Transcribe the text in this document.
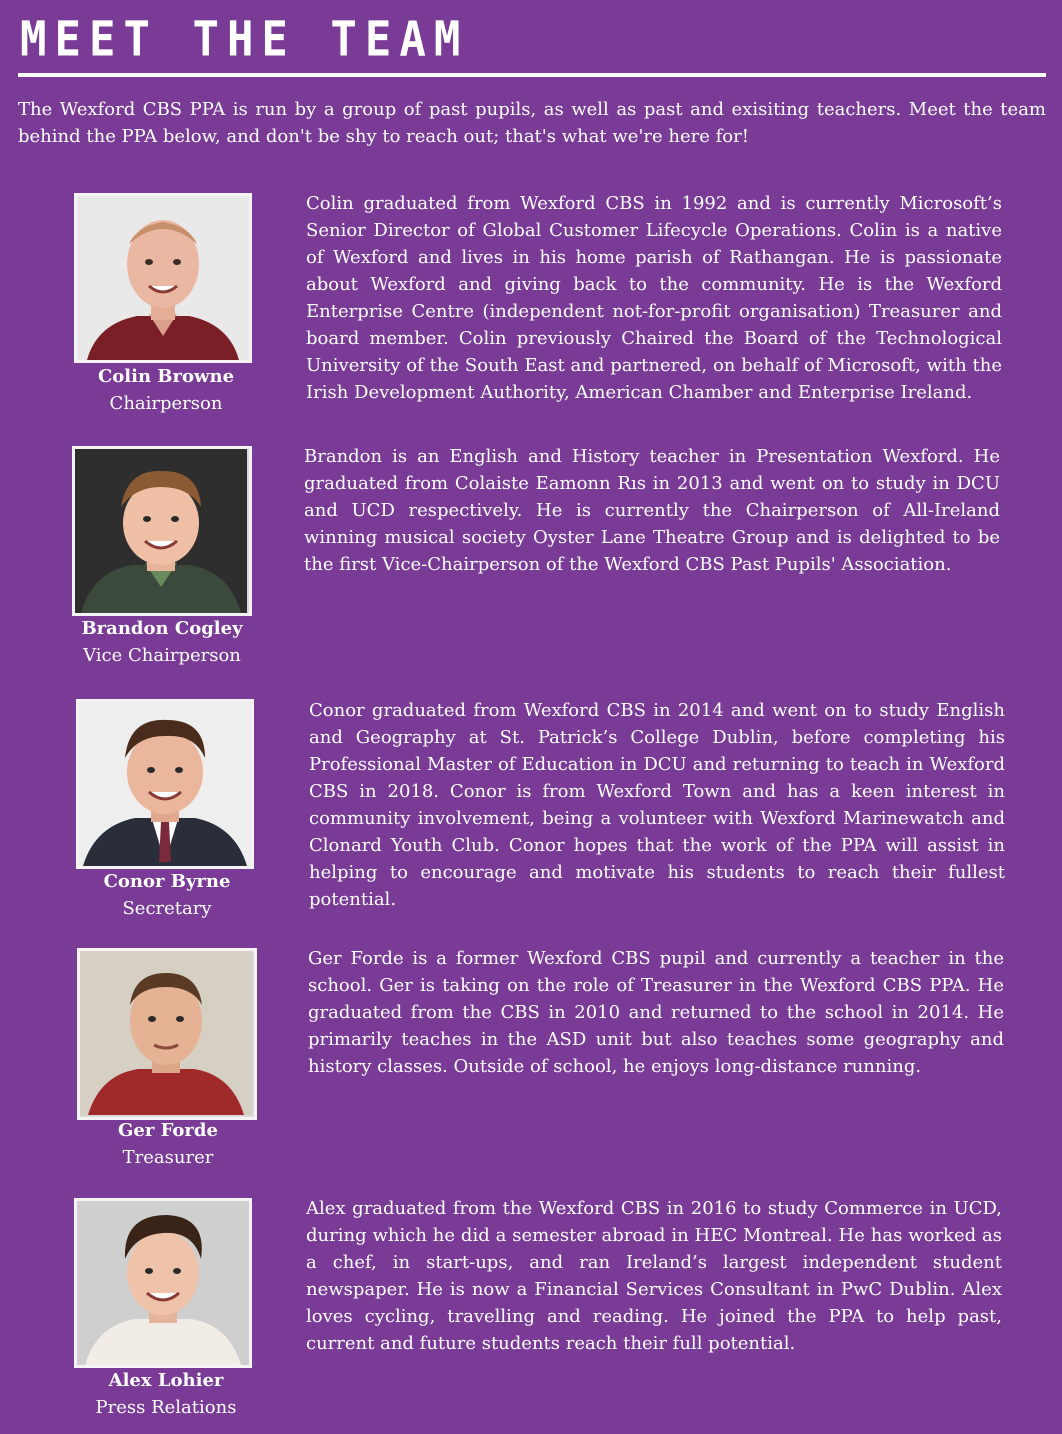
MEET THE TEAM

The Wexford CBS PPA is run by a group of past pupils, as well as past and exisiting teachers. Meet the team behind the PPA below, and don't be shy to reach out; that's what we're here for!

Colin Browne
Chairperson

Colin graduated from Wexford CBS in 1992 and is currently Microsoft’s Senior Director of Global Customer Lifecycle Operations. Colin is a native of Wexford and lives in his home parish of Rathangan. He is passionate about Wexford and giving back to the community. He is the Wexford Enterprise Centre (independent not-for-profit organisation) Treasurer and board member. Colin previously Chaired the Board of the Technological University of the South East and partnered, on behalf of Microsoft, with the Irish Development Authority, American Chamber and Enterprise Ireland.

Brandon Cogley
Vice Chairperson

Brandon is an English and History teacher in Presentation Wexford. He graduated from Colaiste Eamonn Rıs in 2013 and went on to study in DCU and UCD respectively. He is currently the Chairperson of All-Ireland winning musical society Oyster Lane Theatre Group and is delighted to be the first Vice-Chairperson of the Wexford CBS Past Pupils' Association.

Conor Byrne
Secretary

Conor graduated from Wexford CBS in 2014 and went on to study English and Geography at St. Patrick’s College Dublin, before completing his Professional Master of Education in DCU and returning to teach in Wexford CBS in 2018. Conor is from Wexford Town and has a keen interest in community involvement, being a volunteer with Wexford Marinewatch and Clonard Youth Club. Conor hopes that the work of the PPA will assist in helping to encourage and motivate his students to reach their fullest potential.

Ger Forde
Treasurer

Ger Forde is a former Wexford CBS pupil and currently a teacher in the school. Ger is taking on the role of Treasurer in the Wexford CBS PPA. He graduated from the CBS in 2010 and returned to the school in 2014. He primarily teaches in the ASD unit but also teaches some geography and history classes. Outside of school, he enjoys long-distance running.

Alex Lohier
Press Relations

Alex graduated from the Wexford CBS in 2016 to study Commerce in UCD, during which he did a semester abroad in HEC Montreal. He has worked as a chef, in start-ups, and ran Ireland’s largest independent student newspaper. He is now a Financial Services Consultant in PwC Dublin. Alex loves cycling, travelling and reading. He joined the PPA to help past, current and future students reach their full potential.
